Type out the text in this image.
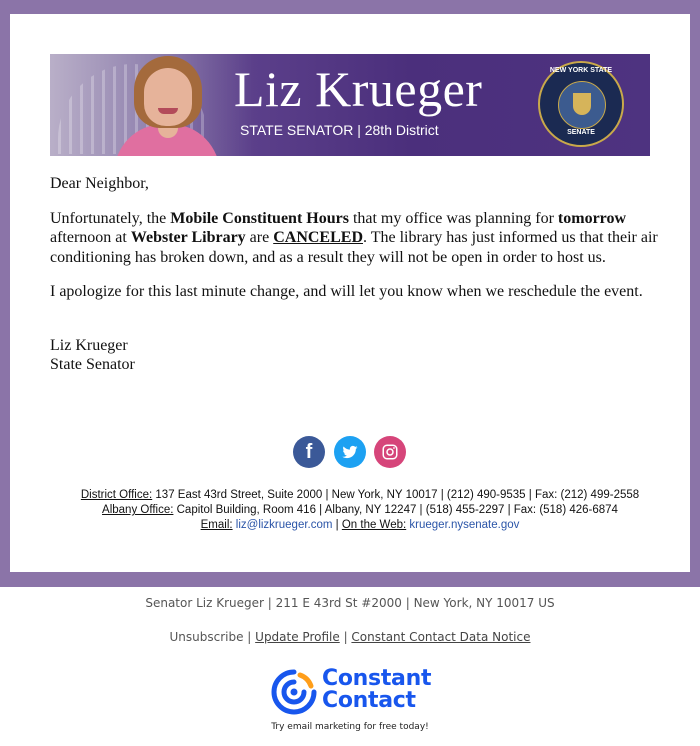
Liz Krueger
STATE SENATOR | 28th District
NEW YORK STATE
SENATE

Dear Neighbor,

Unfortunately, the Mobile Constituent Hours that my office was planning for tomorrow afternoon at Webster Library are CANCELED. The library has just informed us that their air conditioning has broken down, and as a result they will not be open in order to host us.

I apologize for this last minute change, and will let you know when we reschedule the event.

Liz Krueger

State Senator

f
District Office: 137 East 43rd Street, Suite 2000 | New York, NY 10017 | (212) 490-9535 | Fax: (212) 499-2558
Albany Office: Capitol Building, Room 416 | Albany, NY 12247 | (518) 455-2297 | Fax: (518) 426-6874
Email: liz@lizkrueger.com | On the Web: krueger.nysenate.gov
Senator Liz Krueger | 211 E 43rd St #2000 | New York, NY 10017 US
Unsubscribe | Update Profile | Constant Contact Data Notice
Constant
Contact
Try email marketing for free today!
